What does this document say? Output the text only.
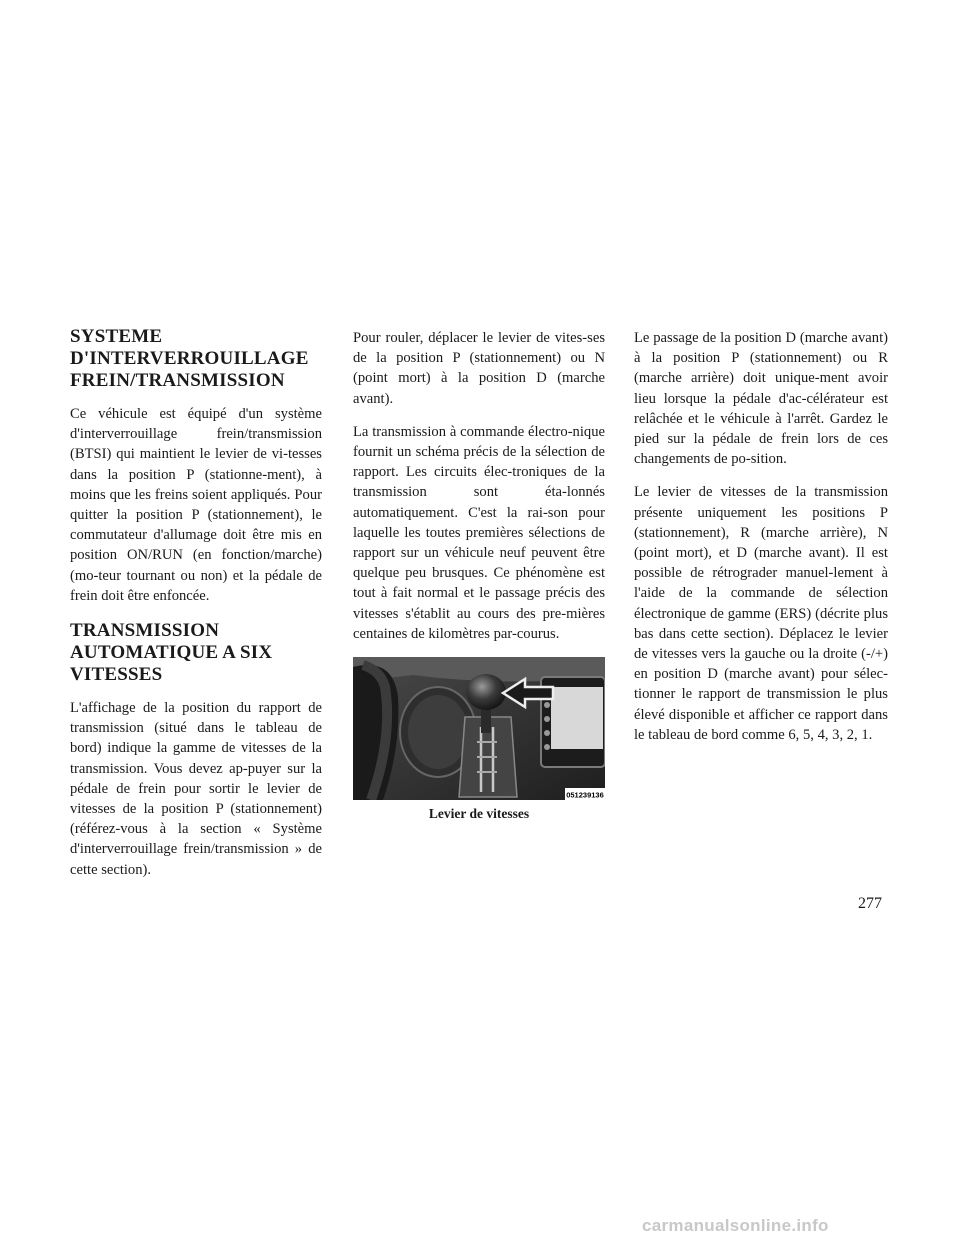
SYSTEME D'INTERVERROUILLAGE FREIN/TRANSMISSION

Ce véhicule est équipé d'un système d'interverrouillage frein/transmission (BTSI) qui maintient le levier de vi-tesses dans la position P (stationne-ment), à moins que les freins soient appliqués. Pour quitter la position P (stationnement), le commutateur d'allumage doit être mis en position ON/RUN (en fonction/marche) (mo-teur tournant ou non) et la pédale de frein doit être enfoncée.

TRANSMISSION AUTOMATIQUE A SIX VITESSES

L'affichage de la position du rapport de transmission (situé dans le tableau de bord) indique la gamme de vitesses de la transmission. Vous devez ap-puyer sur la pédale de frein pour sortir le levier de vitesses de la position P (stationnement) (référez-vous à la section « Système d'interverrouillage frein/transmission » de cette section).

Pour rouler, déplacer le levier de vites-ses de la position P (stationnement) ou N (point mort) à la position D (marche avant).

La transmission à commande électro-nique fournit un schéma précis de la sélection de rapport. Les circuits élec-troniques de la transmission sont éta-lonnés automatiquement. C'est la rai-son pour laquelle les toutes premières sélections de rapport sur un véhicule neuf peuvent être quelque peu brusques. Ce phénomène est tout à fait normal et le passage précis des vitesses s'établit au cours des pre-mières centaines de kilomètres par-courus.

051239136
Levier de vitesses

Le passage de la position D (marche avant) à la position P (stationnement) ou R (marche arrière) doit unique-ment avoir lieu lorsque la pédale d'ac-célérateur est relâchée et le véhicule à l'arrêt. Gardez le pied sur la pédale de frein lors de ces changements de po-sition.

Le levier de vitesses de la transmission présente uniquement les positions P (stationnement), R (marche arrière), N (point mort), et D (marche avant). Il est possible de rétrograder manuel-lement à l'aide de la commande de sélection électronique de gamme (ERS) (décrite plus bas dans cette section). Déplacez le levier de vitesses vers la gauche ou la droite (-/+) en position D (marche avant) pour sélec-tionner le rapport de transmission le plus élevé disponible et afficher ce rapport dans le tableau de bord comme 6, 5, 4, 3, 2, 1.

277
carmanualsonline.info
